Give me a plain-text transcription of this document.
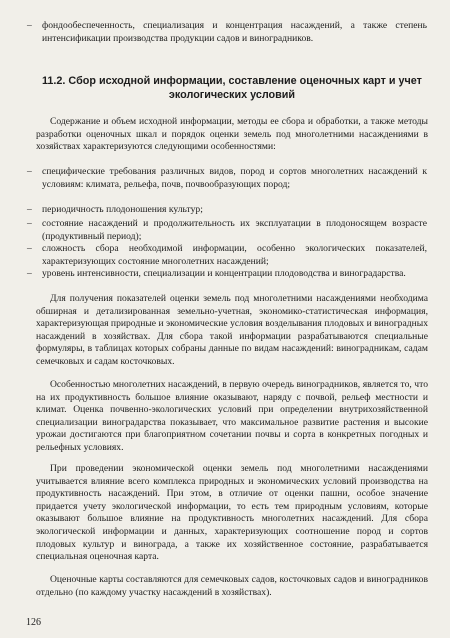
– фондообеспеченность, специализация и концентрация насаждений, а также степень интенсификации производства продукции садов и виноградников.
11.2. Сбор исходной информации, составление оценочных карт и учет экологических условий

Содержание и объем исходной информации, методы ее сбора и обработки, а также методы разработки оценочных шкал и порядок оценки земель под многолетними насаждениями в хозяйствах характеризуются следующими особенностями:

– специфические требования различных видов, пород и сортов многолетних насаждений к условиям: климата, рельефа, почв, почвообразующих пород;
– периодичность плодоношения культур;
– состояние насаждений и продолжительность их эксплуатации в плодоносящем возрасте (продуктивный период);
– сложность сбора необходимой информации, особенно экологических показателей, характеризующих состояние многолетних насаждений;
– уровень интенсивности, специализации и концентрации плодоводства и виноградарства.

Для получения показателей оценки земель под многолетними насаждениями необходима обширная и детализированная земельно-учетная, экономико-статистическая информация, характеризующая природные и экономические условия возделывания плодовых и виноградных насаждений в хозяйствах. Для сбора такой информации разрабатываются специальные формуляры, в таблицах которых собраны данные по видам насаждений: виноградникам, садам семечковых и садам косточковых.

Особенностью многолетних насаждений, в первую очередь виноградников, является то, что на их продуктивность большое влияние оказывают, наряду с почвой, рельеф местности и климат. Оценка почвенно-экологических условий при определении внутрихозяйственной специализации виноградарства показывает, что максимальное развитие растения и высокие урожаи достигаются при благоприятном сочетании почвы и сорта в конкретных погодных и рельефных условиях.

При проведении экономической оценки земель под многолетними насаждениями учитывается влияние всего комплекса природных и экономических условий производства на продуктивность насаждений. При этом, в отличие от оценки пашни, особое значение придается учету экологической информации, то есть тем природным условиям, которые оказывают большое влияние на продуктивность многолетних насаждений. Для сбора экологической информации и данных, характеризующих соотношение пород и сортов плодовых культур и винограда, а также их хозяйственное состояние, разрабатывается специальная оценочная карта.

Оценочные карты составляются для семечковых садов, косточковых садов и виноградников отдельно (по каждому участку насаждений в хозяйствах).

126
